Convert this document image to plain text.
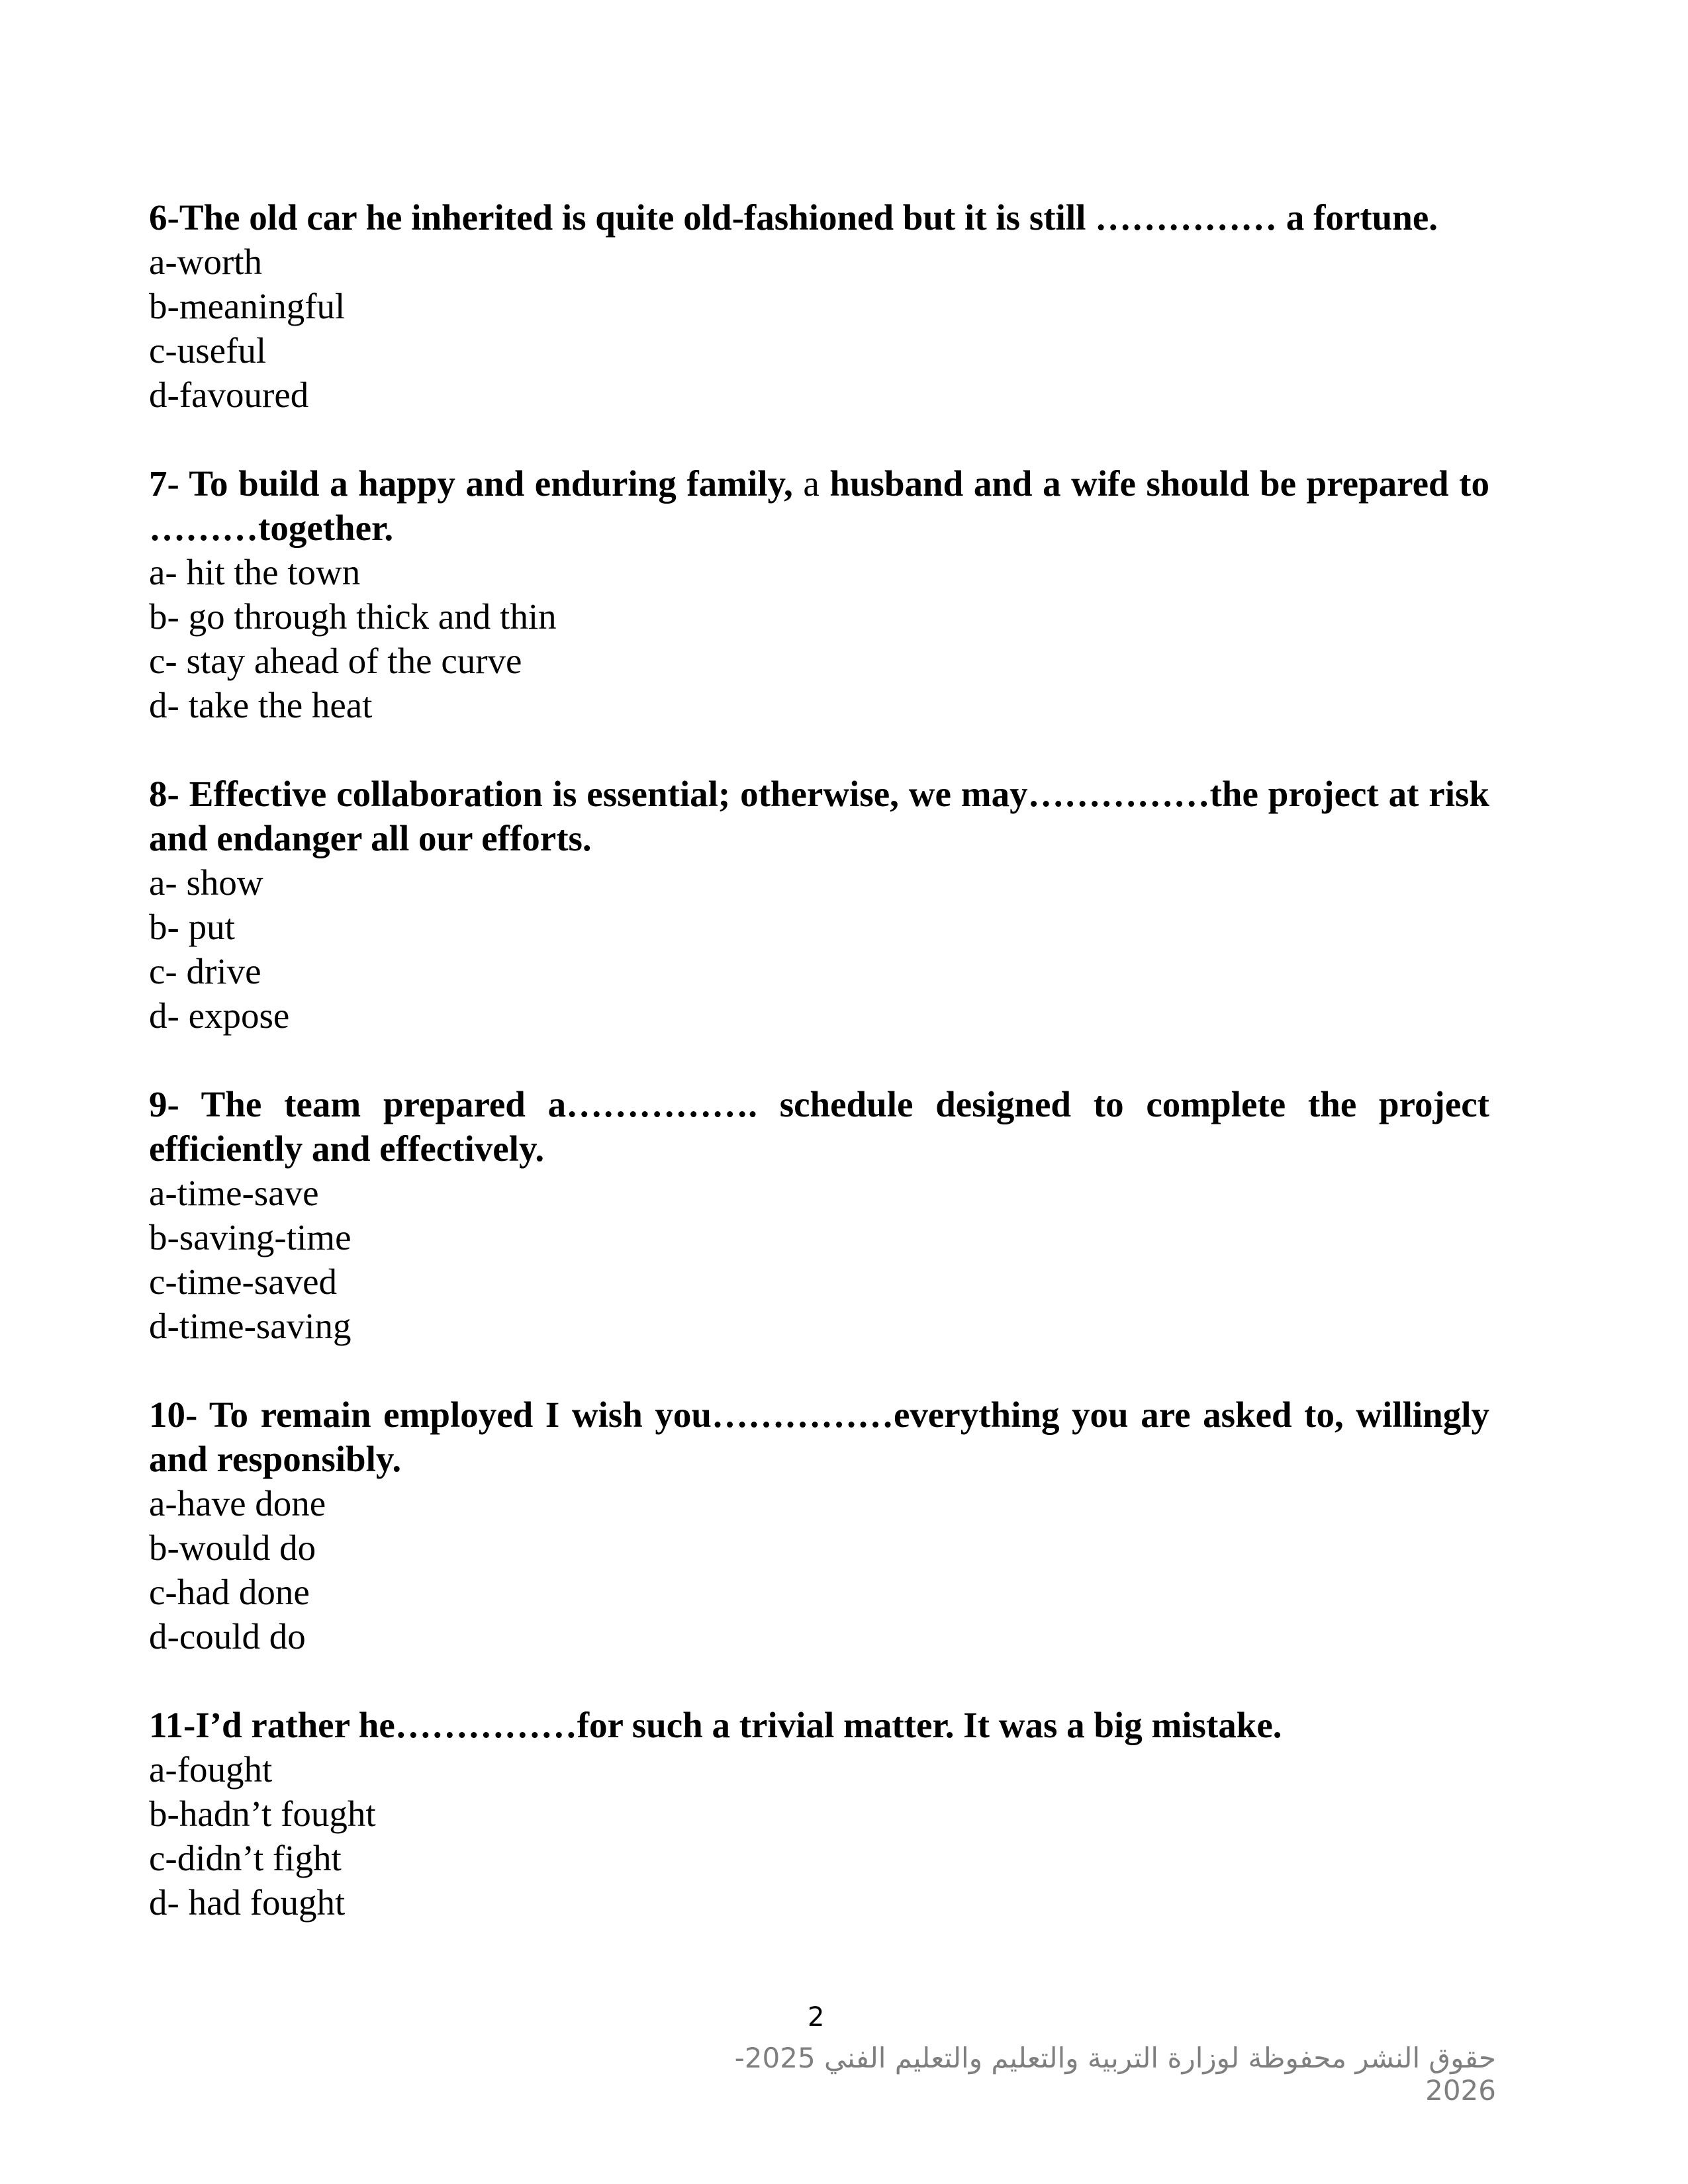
6-The old car he inherited is quite old-fashioned but it is still …………… a fortune.

a-worth
b-meaningful
c-useful
d-favoured

7- To build a happy and enduring family, a husband and a wife should be prepared to ………together.

a- hit the town
b- go through thick and thin
c- stay ahead of the curve
d- take the heat

8- Effective collaboration is essential; otherwise, we may……………the project at risk and endanger all our efforts.

a- show
b- put
c- drive
d- expose

9- The team prepared a……………. schedule designed to complete the project efficiently and effectively.

a-time-save
b-saving-time
c-time-saved
d-time-saving

10- To remain employed I wish you……………everything you are asked to, willingly and responsibly.

a-have done
b-would do
c-had done
d-could do

11-I’d rather he……………for such a trivial matter. It was a big mistake.

a-fought
b-hadn’t fought
c-didn’t fight
d- had fought
2
حقوق النشر محفوظة لوزارة التربية والتعليم والتعليم الفني 2025-2026
